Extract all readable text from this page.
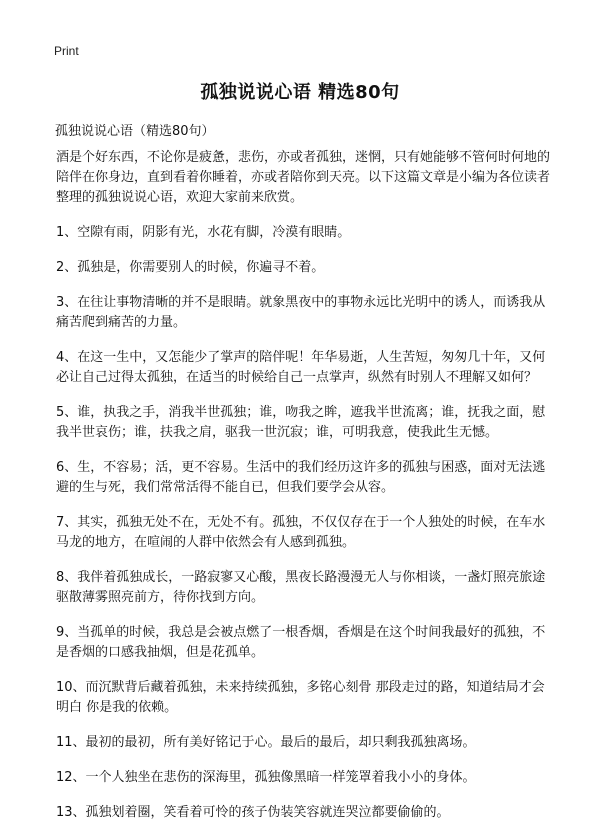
Print
孤独说说心语 精选80句

孤独说说心语（精选80句）

酒是个好东西，不论你是疲惫，悲伤，亦或者孤独，迷惘，只有她能够不管何时何地的陪伴在你身边，直到看着你睡着，亦或者陪你到天亮。以下这篇文章是小编为各位读者整理的孤独说说心语，欢迎大家前来欣赏。

1、空隙有雨，阴影有光，水花有脚，冷漠有眼睛。

2、孤独是，你需要别人的时候，你遍寻不着。

3、在往让事物清晰的并不是眼睛。就象黑夜中的事物永远比光明中的诱人，而诱我从痛苦爬到痛苦的力量。

4、在这一生中，又怎能少了掌声的陪伴呢！年华易逝，人生苦短，匆匆几十年，又何必让自己过得太孤独，在适当的时候给自己一点掌声，纵然有时别人不理解又如何？

5、谁，执我之手，消我半世孤独；谁，吻我之眸，遮我半世流离；谁，抚我之面，慰我半世哀伤；谁，扶我之肩，驱我一世沉寂；谁，可明我意，使我此生无憾。

6、生，不容易；活，更不容易。生活中的我们经历这许多的孤独与困惑，面对无法逃避的生与死，我们常常活得不能自已，但我们要学会从容。

7、其实，孤独无处不在，无处不有。孤独，不仅仅存在于一个人独处的时候，在车水马龙的地方，在喧闹的人群中依然会有人感到孤独。

8、我伴着孤独成长，一路寂寥又心酸，黑夜长路漫漫无人与你相谈，一盏灯照亮旅途驱散薄雾照亮前方，待你找到方向。

9、当孤单的时候，我总是会被点燃了一根香烟，香烟是在这个时间我最好的孤独，不是香烟的口感我抽烟，但是花孤单。

10、而沉默背后藏着孤独，未来持续孤独，多铭心刻骨 那段走过的路，知道结局才会明白 你是我的依赖。

11、最初的最初，所有美好铭记于心。最后的最后，却只剩我孤独离场。

12、一个人独坐在悲伤的深海里，孤独像黑暗一样笼罩着我小小的身体。

13、孤独划着圈，笑看着可怜的孩子伪装笑容就连哭泣都要偷偷的。
